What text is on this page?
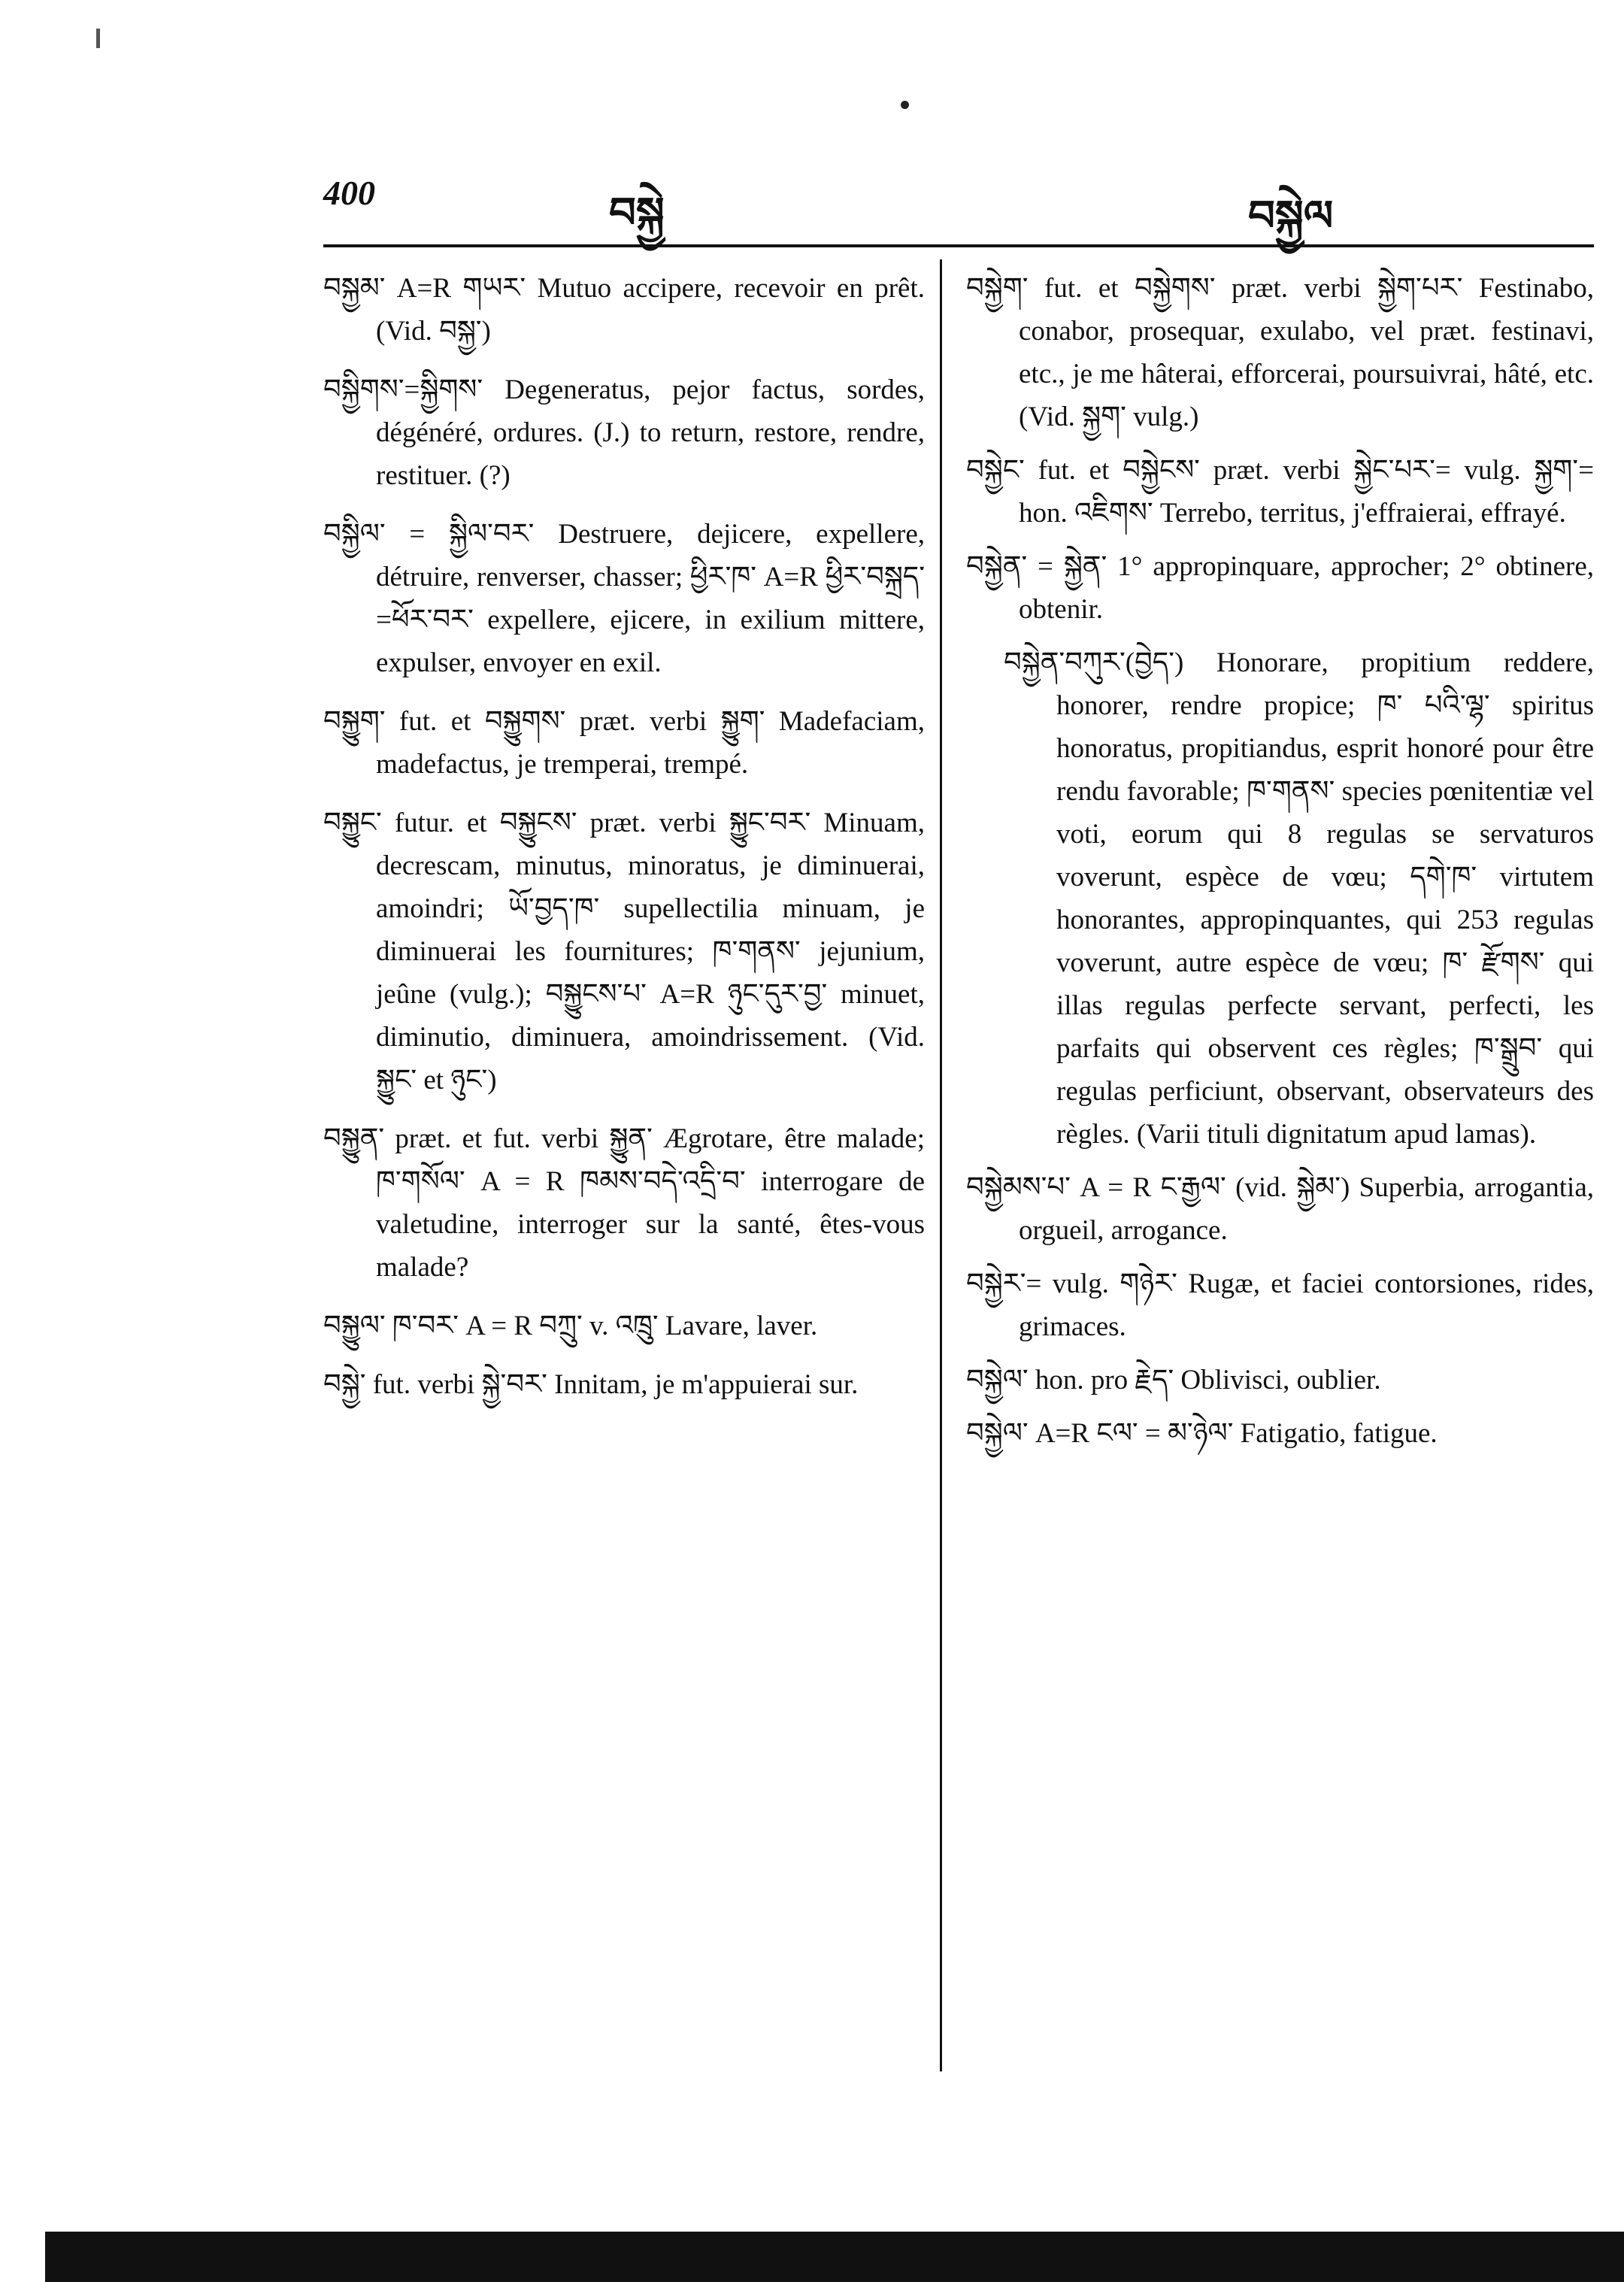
400	བསྐྱེ	བསྐྱེལ

བསྐྱམ་ A=R གཡར་ Mutuo accipere, recevoir en prêt. (Vid. བསྐྱ་)

བསྐྱིགས་=སྐྱིགས་ Degeneratus, pejor factus, sordes, dégénéré, ordures. (J.) to return, restore, rendre, restituer. (?)

བསྐྱིལ་ = སྐྱིལ་བར་ Destruere, dejicere, expellere, détruire, renverser, chasser; ཕྱིར་ཁ་ A=R ཕྱིར་བསྐྲད་=ཕོར་བར་ expellere, ejicere, in exilium mittere, expulser, envoyer en exil.

བསྐྱུག་ fut. et བསྐྱུགས་ præt. verbi སྐྱུག་ Madefaciam, madefactus, je tremperai, trempé.

བསྐྱུང་ futur. et བསྐྱུངས་ præt. verbi སྐྱུང་བར་ Minuam, decrescam, minutus, minoratus, je diminuerai, amoindri; ཡོ་བྱད་ཁ་ supellectilia minuam, je diminuerai les fournitures; ཁ་གནས་ jejunium, jeûne (vulg.); བསྐྱུངས་པ་ A=R ཉུང་དུར་བྱ་ minuet, diminutio, diminuera, amoindrissement. (Vid. སྐྱུང་ et ཉུང་)

བསྐྱུན་ præt. et fut. verbi སྐྱུན་ Ægrotare, être malade; ཁ་གསོལ་ A = R ཁམས་བདེ་འདྲི་བ་ interrogare de valetudine, interroger sur la santé, êtes-vous malade?

བསྐྱུལ་ ཁ་བར་ A = R བཀྲུ་ v. འཁྲུ་ Lavare, laver.

བསྐྱེ་ fut. verbi སྐྱེ་བར་ Innitam, je m'appuierai sur.

བསྐྱེག་ fut. et བསྐྱེགས་ præt. verbi སྐྱེག་པར་ Festinabo, conabor, prosequar, exulabo, vel præt. festinavi, etc., je me hâterai, efforcerai, poursuivrai, hâté, etc. (Vid. སྐྱག་ vulg.)

བསྐྱེང་ fut. et བསྐྱེངས་ præt. verbi སྐྱེང་པར་= vulg. སྐྱག་= hon. འཇིགས་ Terrebo, territus, j'effraierai, effrayé.

བསྐྱེན་ = སྐྱེན་ 1° appropinquare, approcher; 2° obtinere, obtenir.

བསྐྱེན་བཀུར་(བྱེད་) Honorare, propitium reddere, honorer, rendre propice; ཁ་ པའི་ལྷ་ spiritus honoratus, propitiandus, esprit honoré pour être rendu favorable; ཁ་གནས་ species pœnitentiæ vel voti, eorum qui 8 regulas se servaturos voverunt, espèce de vœu; དགེ་ཁ་ virtutem honorantes, appropinquantes, qui 253 regulas voverunt, autre espèce de vœu; ཁ་ རྫོགས་ qui illas regulas perfecte servant, perfecti, les parfaits qui observent ces règles; ཁ་སྒྲུབ་ qui regulas perficiunt, observant, observateurs des règles. (Varii tituli dignitatum apud lamas).

བསྐྱེམས་པ་ A = R ང་རྒྱལ་ (vid. སྐྱེམ་) Superbia, arrogantia, orgueil, arrogance.

བསྐྱེར་= vulg. གཉེར་ Rugæ, et faciei contorsiones, rides, grimaces.

བསྐྱེལ་ hon. pro རྗེད་ Oblivisci, oublier.

བསྐྱེལ་ A=R ངལ་ = མ་ཉེལ་ Fatigatio, fatigue.
